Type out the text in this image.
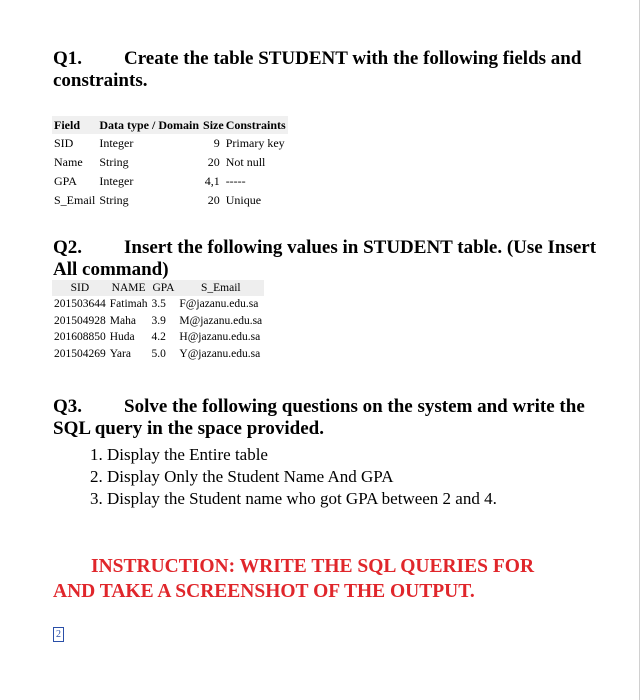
Q1. Create the table STUDENT with the following fields and constraints.

Field	Data type / Domain	Size	Constraints
SID	Integer	9	Primary key
Name	String	20	Not null
GPA	Integer	4,1	-----
S_Email	String	20	Unique

Q2. Insert the following values in STUDENT table. (Use Insert All command)

SID	NAME	GPA	S_Email
201503644	Fatimah	3.5	F@jazanu.edu.sa
201504928	Maha	3.9	M@jazanu.edu.sa
201608850	Huda	4.2	H@jazanu.edu.sa
201504269	Yara	5.0	Y@jazanu.edu.sa

Q3. Solve the following questions on the system and write the SQL query in the space provided.

1. Display the Entire table
2. Display Only the Student Name And GPA
3. Display the Student name who got GPA between 2 and 4.

INSTRUCTION: WRITE THE SQL QUERIES FOR
AND TAKE A SCREENSHOT OF THE OUTPUT.

2
